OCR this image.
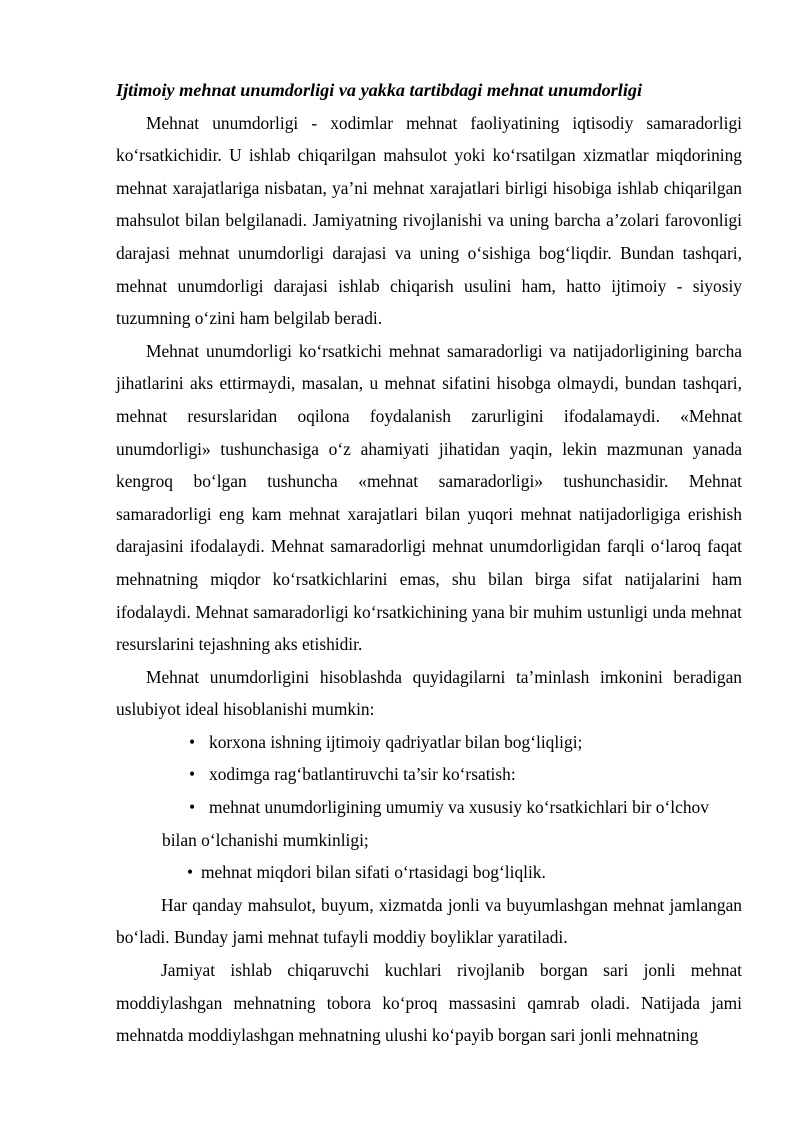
Ijtimoiy mehnat unumdorligi va yakka tartibdagi mehnat unumdorligi

Mehnat unumdorligi - xodimlar mehnat faoliyatining iqtisodiy samaradorligi ko‘rsatkichidir. U ishlab chiqarilgan mahsulot yoki ko‘rsatilgan xizmatlar miqdorining mehnat xarajatlariga nisbatan, ya’ni mehnat xarajatlari birligi hisobiga ishlab chiqarilgan mahsulot bilan belgilanadi. Jamiyatning rivojlanishi va uning barcha a’zolari farovonligi darajasi mehnat unumdorligi darajasi va uning o‘sishiga bog‘liqdir. Bundan tashqari, mehnat unumdorligi darajasi ishlab chiqarish usulini ham, hatto ijtimoiy - siyosiy tuzumning o‘zini ham belgilab beradi.

Mehnat unumdorligi ko‘rsatkichi mehnat samaradorligi va natijadorligining barcha jihatlarini aks ettirmaydi, masalan, u mehnat sifatini hisobga olmaydi, bundan tashqari, mehnat resurslaridan oqilona foydalanish zarurligini ifodalamaydi. «Mehnat unumdorligi» tushunchasiga o‘z ahamiyati jihatidan yaqin, lekin mazmunan yanada kengroq bo‘lgan tushuncha «mehnat samaradorligi» tushunchasidir. Mehnat samaradorligi eng kam mehnat xarajatlari bilan yuqori mehnat natijadorligiga erishish darajasini ifodalaydi. Mehnat samaradorligi mehnat unumdorligidan farqli o‘laroq faqat mehnatning miqdor ko‘rsatkichlarini emas, shu bilan birga sifat natijalarini ham ifodalaydi. Mehnat samaradorligi ko‘rsatkichining yana bir muhim ustunligi unda mehnat resurslarini tejashning aks etishidir.

Mehnat unumdorligini hisoblashda quyidagilarni ta’minlash imkonini beradigan uslubiyot ideal hisoblanishi mumkin:

• korxona ishning ijtimoiy qadriyatlar bilan bog‘liqligi;
• xodimga rag‘batlantiruvchi ta’sir ko‘rsatish:
• mehnat unumdorligining umumiy va xususiy ko‘rsatkichlari bir o‘lchov
bilan o‘lchanishi mumkinligi;
• mehnat miqdori bilan sifati o‘rtasidagi bog‘liqlik.

Har qanday mahsulot, buyum, xizmatda jonli va buyumlashgan mehnat jamlangan bo‘ladi. Bunday jami mehnat tufayli moddiy boyliklar yaratiladi.

Jamiyat ishlab chiqaruvchi kuchlari rivojlanib borgan sari jonli mehnat moddiylashgan mehnatning tobora ko‘proq massasini qamrab oladi. Natijada jami mehnatda moddiylashgan mehnatning ulushi ko‘payib borgan sari jonli mehnatning
